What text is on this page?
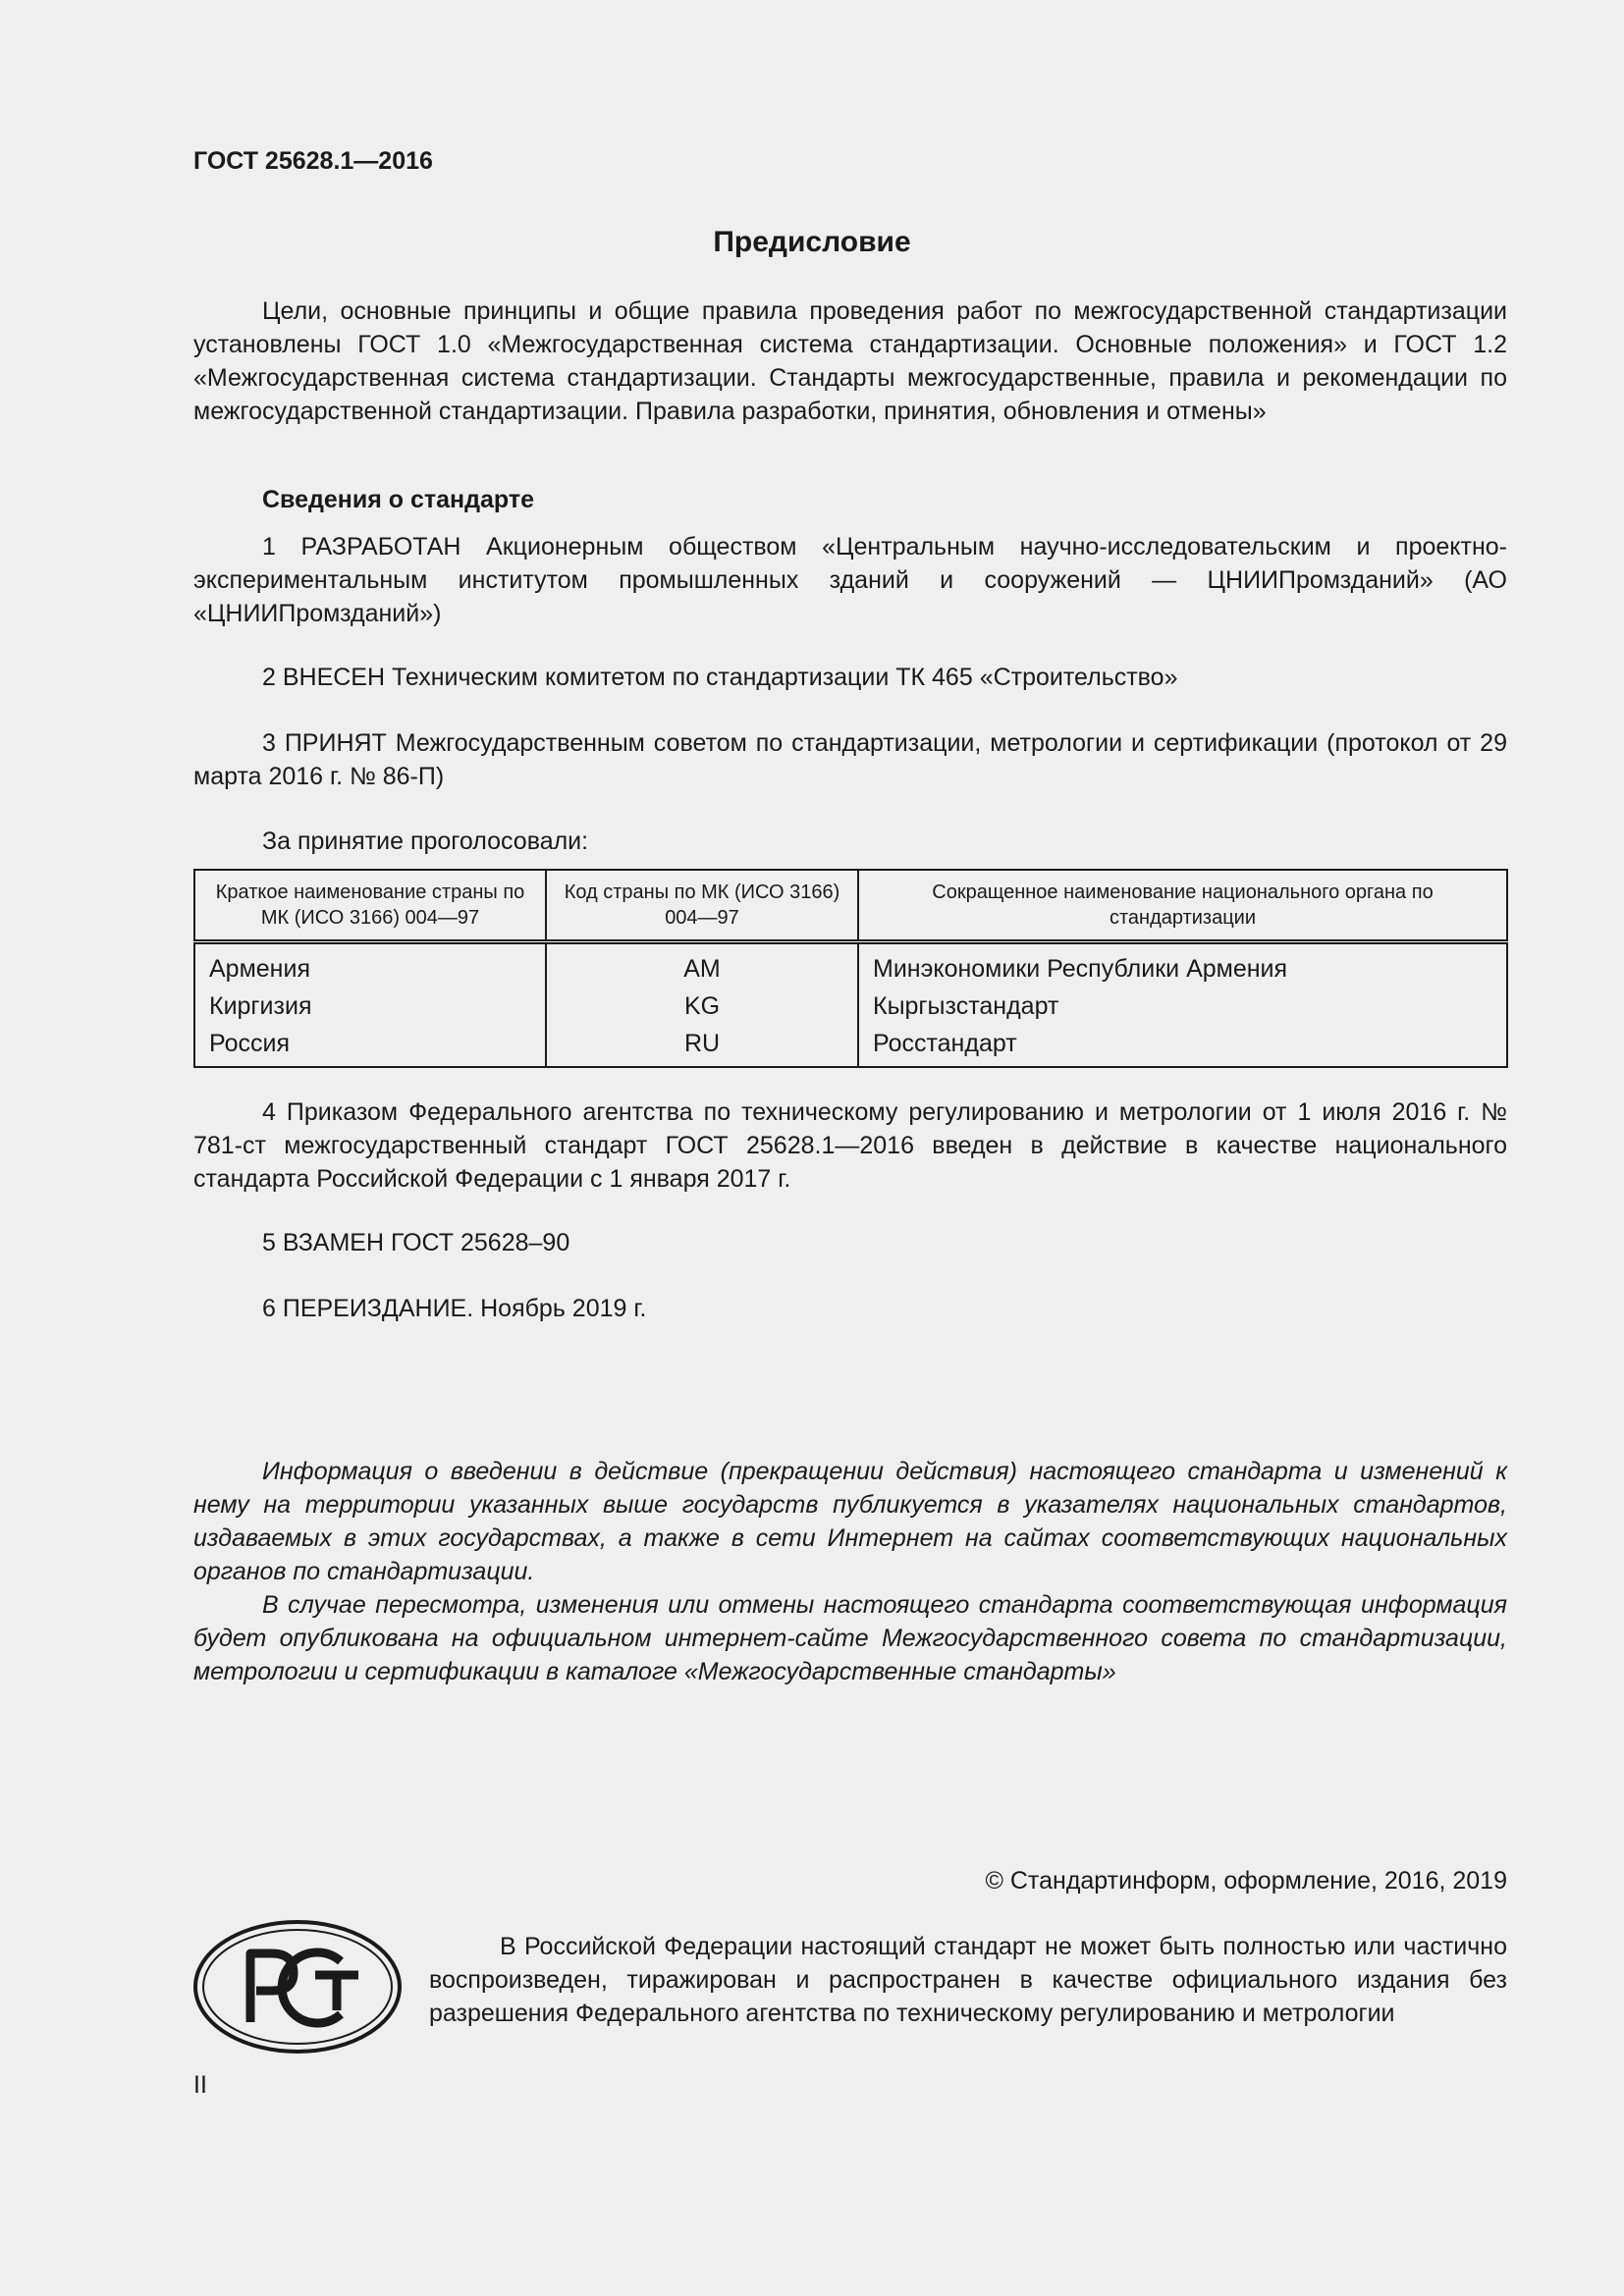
ГОСТ 25628.1—2016
Предисловие
Цели, основные принципы и общие правила проведения работ по межгосударственной стандартизации установлены ГОСТ 1.0 «Межгосударственная система стандартизации. Основные положения» и ГОСТ 1.2 «Межгосударственная система стандартизации. Стандарты межгосударственные, правила и рекомендации по межгосударственной стандартизации. Правила разработки, принятия, обновления и отмены»
Сведения о стандарте
1 РАЗРАБОТАН Акционерным обществом «Центральным научно-исследовательским и проектно-экспериментальным институтом промышленных зданий и сооружений — ЦНИИПромзданий» (АО «ЦНИИПромзданий»)
2 ВНЕСЕН Техническим комитетом по стандартизации ТК 465 «Строительство»
3 ПРИНЯТ Межгосударственным советом по стандартизации, метрологии и сертификации (протокол от 29 марта 2016 г. № 86-П)
За принятие проголосовали:
Краткое наименование страны по МК (ИСО 3166) 004—97	Код страны по МК (ИСО 3166) 004—97	Сокращенное наименование национального органа по стандартизации
Армения	AM	Минэкономики Республики Армения
Киргизия	KG	Кыргызстандарт
Россия	RU	Росстандарт
4 Приказом Федерального агентства по техническому регулированию и метрологии от 1 июля 2016 г. № 781-ст межгосударственный стандарт ГОСТ 25628.1—2016 введен в действие в качестве национального стандарта Российской Федерации с 1 января 2017 г.
5 ВЗАМЕН ГОСТ 25628–90
6 ПЕРЕИЗДАНИЕ. Ноябрь 2019 г.
Информация о введении в действие (прекращении действия) настоящего стандарта и изменений к нему на территории указанных выше государств публикуется в указателях национальных стандартов, издаваемых в этих государствах, а также в сети Интернет на сайтах соответствующих национальных органов по стандартизации.
В случае пересмотра, изменения или отмены настоящего стандарта соответствующая информация будет опубликована на официальном интернет-сайте Межгосударственного совета по стандартизации, метрологии и сертификации в каталоге «Межгосударственные стандарты»
© Стандартинформ, оформление, 2016, 2019
В Российской Федерации настоящий стандарт не может быть полностью или частично воспроизведен, тиражирован и распространен в качестве официального издания без разрешения Федерального агентства по техническому регулированию и метрологии
II
